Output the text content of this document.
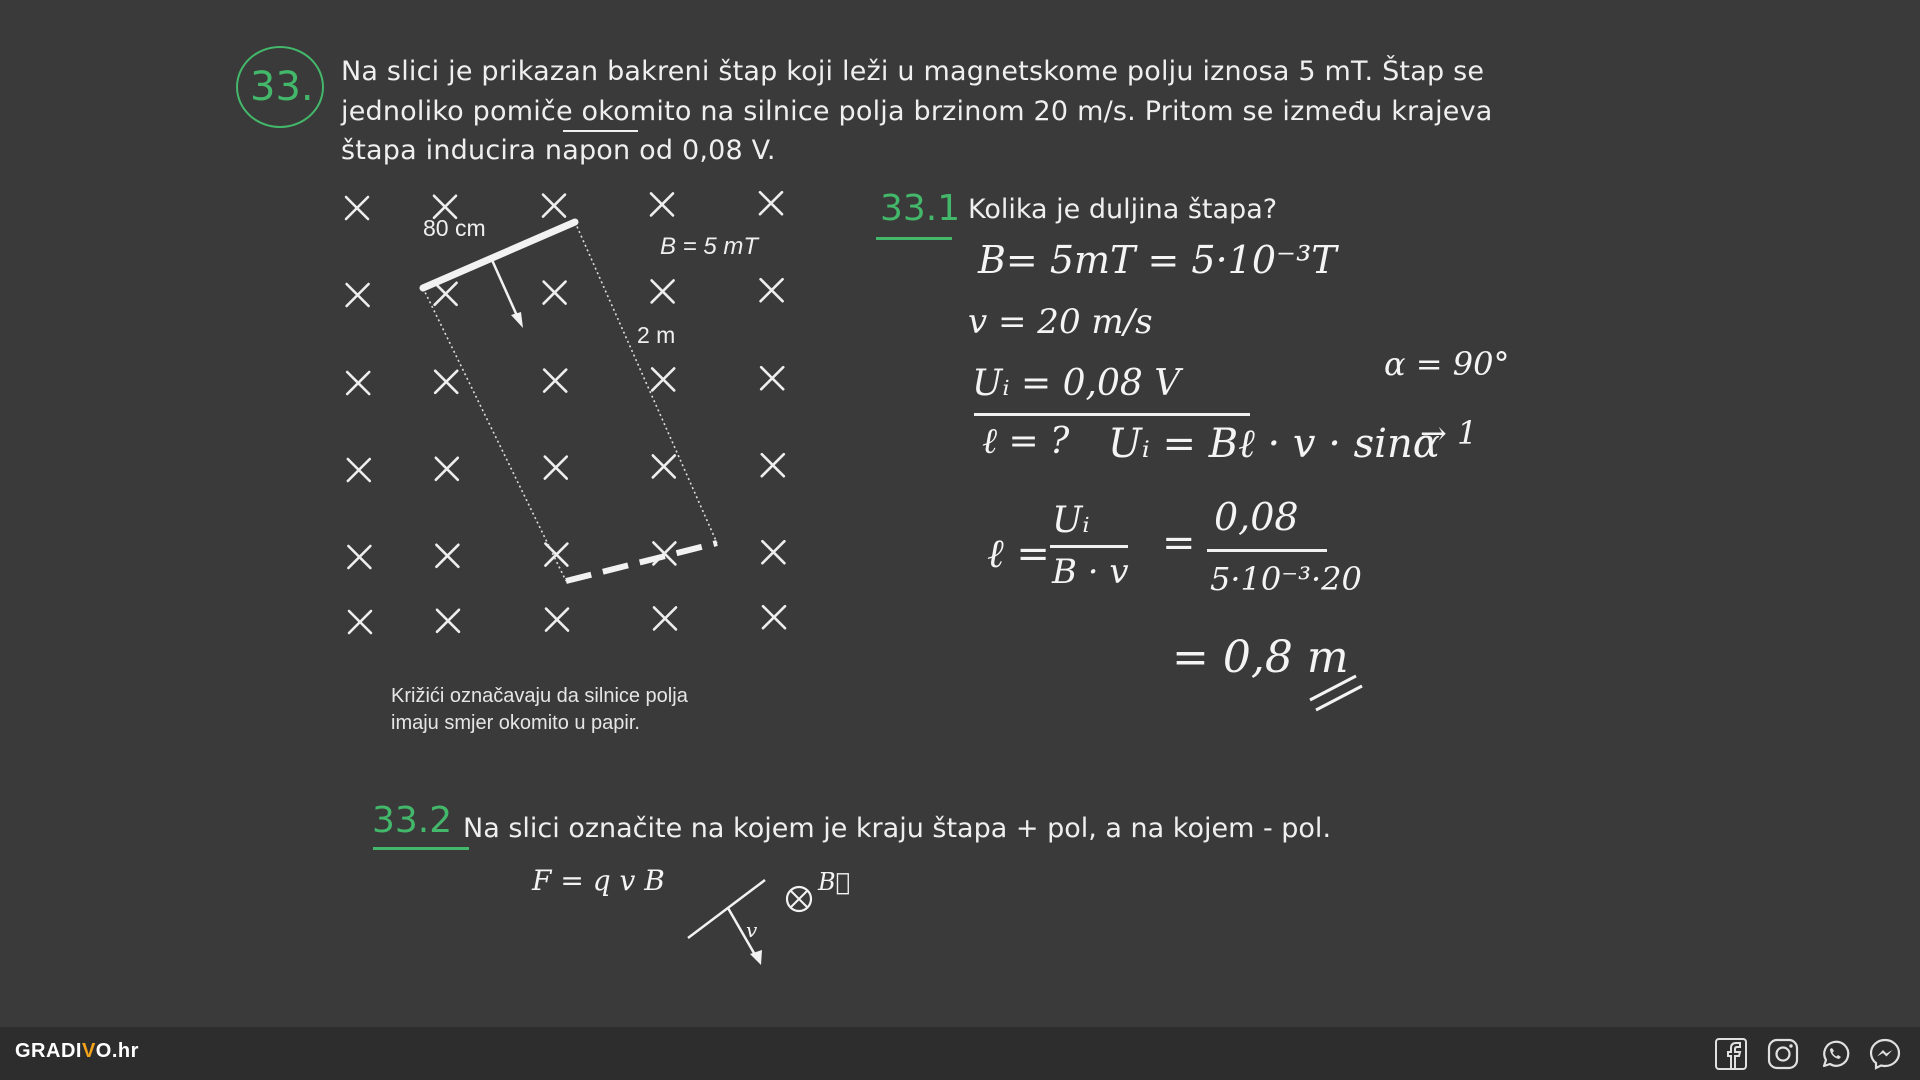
33. Na slici je prikazan bakreni štap koji leži u magnetskome polju iznosa 5 mT. Štap se jednoliko pomiče okomito na silnice polja brzinom 20 m/s. Pritom se između krajeva štapa inducira napon od 0,08 V.
80 cm
2 m
B = 5 mT
Križići označavaju da silnice polja
imaju smjer okomito u papir.
33.1 Kolika je duljina štapa?
B= 5mT = 5·10⁻³T
v = 20 m/s
Uᵢ = 0,08 V	α = 90°
ℓ = ? Uᵢ = Bℓ · v · sinα
→ 1
ℓ =
Uᵢ
B · v
=
0,08
5·10⁻³·20
= 0,8 m
33.2 Na slici označite na kojem je kraju štapa + pol, a na kojem - pol.
F = q v B
v
B⃗
GRADIVO.hr
